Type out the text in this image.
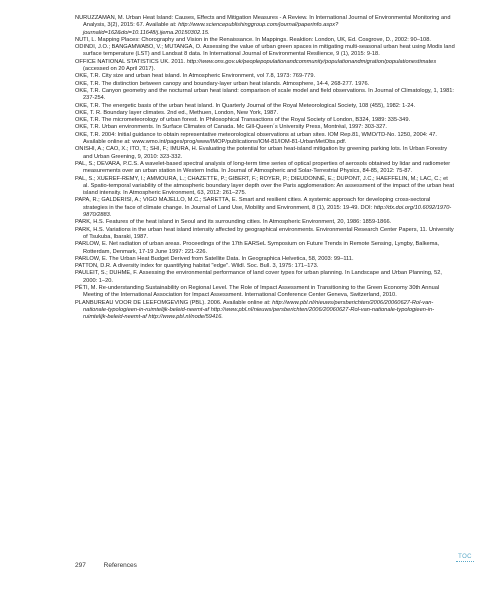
NURUZZAMAN, M. Urban Heat Island: Causes, Effects and Mitigation Measures - A Review. In International Journal of Environmental Monitoring and Analysis, 3(2), 2015: 67. Available at: http://www.sciencepublishinggroup.com/journal/paperinfo.aspx?journalid=162&doi=10.11648/j.ijema.20150302.15.

NUTI, L. Mapping Places: Chorography and Vision in the Renaissance. In Mappings. Reaktion: London, UK, Ed. Cosgrove, D., 2002: 90–108.

ODINDI, J.O.; BANGAMWABO, V.; MUTANGA, O. Assessing the value of urban green spaces in mitigating multi-seasonal urban heat using Modis land surface temperature (LST) and Landsat 8 data. In International Journal of Environmental Resilience, 9 (1), 2015: 9-18.

OFFICE NATIONAL STATISTICS UK. 2011. http://www.ons.gov.uk/peoplepopulationandcommunity/populationandmigration/populationestimates (accessed on 20 April 2017).

OKE, T.R. City size and urban heat island. In Atmospheric Environment, vol 7.8, 1973: 769-779.

OKE, T.R. The distinction between canopy and boundary-layer urban heat islands. Atmosphere, 14-4, 268-277. 1976.

OKE, T.R. Canyon geometry and the nocturnal urban heat island: comparison of scale model and field observations. In Journal of Climatology, 1, 1981: 237-254.

OKE, T.R. The energetic basis of the urban heat island. In Quarterly Journal of the Royal Meteorological Society, 108 (455), 1982: 1-24.

OKE, T. R. Boundary layer climates. 2nd ed., Methuen, London, New York, 1987.

OKE, T.R. The micrometeorology of urban forest. In Philosophical Transactions of the Royal Society of London, B324, 1989: 335-349.

OKE, T.R. Urban environments. In Surface Climates of Canada. Mc Gill-Queen´s University Press, Montréal, 1997: 303-327.

OKE, T.R. 2004: Initial guidance to obtain representative meteorological observations at urban sites. IOM Rep.81, WMO/TD-No. 1250, 2004: 47. Available online at: www.wmo.int/pages/prog/www/IMOP/publications/IOM-81/IOM-81-UrbanMetObs.pdf.

ONISHI, A.; CAO, X.; ITO, T.; SHI, F.; IMURA, H. Evaluating the potential for urban heat-island mitigation by greening parking lots. In Urban Forestry and Urban Greening, 9, 2010: 323-332.

PAL, S.; DEVARA, P.C.S. A wavelet-based spectral analysis of long-term time series of optical properties of aerosols obtained by lidar and radiometer measurements over an urban station in Western India. In Journal of Atmospheric and Solar-Terrestrial Physics, 84-85, 2012: 75-87.

PAL, S.; XUEREF-REMY, I.; AMMOURA, L.; CHAZETTE, P.; GIBERT, F.; ROYER, P.; DIEUDONNÉ, E.; DUPONT, J.C.; HAEFFELIN, M.; LAC, C.; et al. Spatio-temporal variability of the atmospheric boundary layer depth over the Paris agglomeration: An assessment of the impact of the urban heat island intensity. In Atmospheric Environment, 63, 2012: 261–275.

PAPA, R.; GALDERISI, A.; VIGO MAJELLO, M.C.; SARETTA, E. Smart and resilient cities. A systemic approach for developing cross-sectoral strategies in the face of climate change. In Journal of Land Use, Mobility and Environment, 8 (1), 2015: 19-49. DOI: http://dx.doi.org/10.6092/1970-9870/2883.

PARK, H.S. Features of the heat island in Seoul and its surrounding cities. In Atmospheric Environment, 20, 1986: 1859-1866.

PARK, H.S. Variations in the urban heat island intensity affected by geographical environments. Environmental Research Center Papers, 11. University of Tsukuba, Ibaraki, 1987.

PARLOW, E. Net radiation of urban areas. Proceedings of the 17th EARSeL Symposium on Future Trends in Remote Sensing, Lyngby, Balkema, Rotterdam, Denmark, 17-19 June 1997: 221-226.

PARLOW, E. The Urban Heat Budget Derived from Satellite Data. In Geographica Helvetica, 58, 2003: 99–111.

PATTON, D.R. A diversity index for quantifying habitat "edge". Wildl. Soc. Bull. 3, 1975: 171–173.

PAULEIT, S.; DUHME, F. Assessing the environmental performance of land cover types for urban planning. In Landscape and Urban Planning, 52, 2000: 1–20.

PÉTI, M. Re-understanding Sustainability on Regional Level. The Role of Impact Assessment in Transitioning to the Green Economy 30th Annual Meeting of the International Association for Impact Assessment. International Conference Center Geneva, Switzerland, 2010.

PLANBUREAU VOOR DE LEEFOMGEVING (PBL). 2006. Available online at: http://www.pbl.nl/nieuws/persberichten/2006/20060627-Rol-van-nationale-typologieen-in-ruimtelijk-beleid-neemt-af http://www.pbl.nl/nieuws/persberichten/2006/20060627-Rol-van-nationale-typologieen-in-ruimtelijk-beleid-neemt-af http://www.pbl.nl/node/59416.

297	References
TOC
